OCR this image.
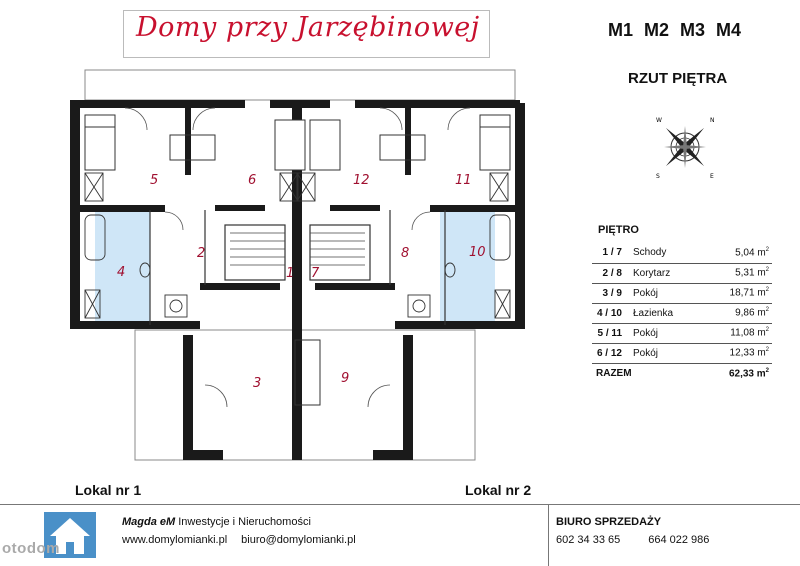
Domy przy Jarzębinowej	M1 M2 M3 M4
RZUT PIĘTRA
W	N
S	E
PIĘTRO
1 / 7	Schody	5,04 $m^2$
2 / 8	Korytarz	5,31 $m^2$
3 / 9	Pokój	18,71 $m^2$
4 / 10	Łazienka	9,86 $m^2$
5 / 11	Pokój	11,08 $m^2$
6 / 12	Pokój	12,33 $m^2$
RAZEM		62,33 $m^2$
5	6	12	11
2
1 7
8
4
10
3	9
Lokal nr 1	Lokal nr 2
Magda eM Inwestycje i Nieruchomości
www.domylomianki.pl biuro@domylomianki.pl
BIURO SPRZEDAŻY
602 34 33 65	664 022 986
otodom
